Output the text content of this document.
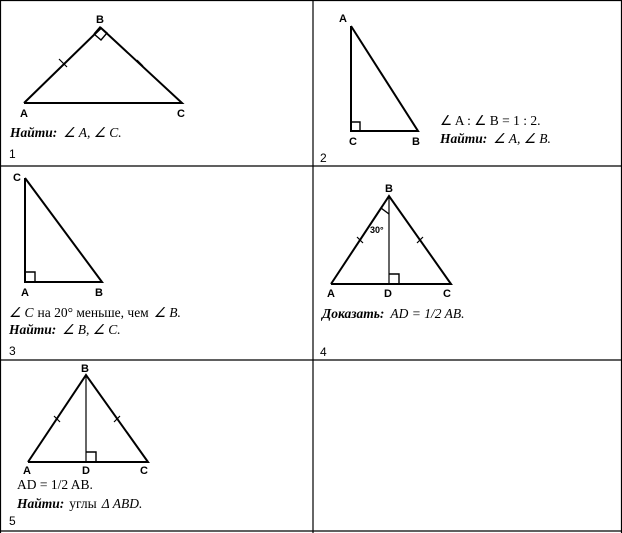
B
A	C
Найти: ∠ A, ∠ C.
1
A
C	B
∠ A : ∠ B = 1 : 2.
Найти: ∠ A, ∠ B.
2
C
A	B
∠ C на 20° меньше, чем ∠ B.
Найти: ∠ B, ∠ C.
3
B
A	D	C
30°
Доказать: AD = 1/2 AB.
4
B
A	D	C
AD = 1/2 AB.
Найти: углы Δ ABD.
5
